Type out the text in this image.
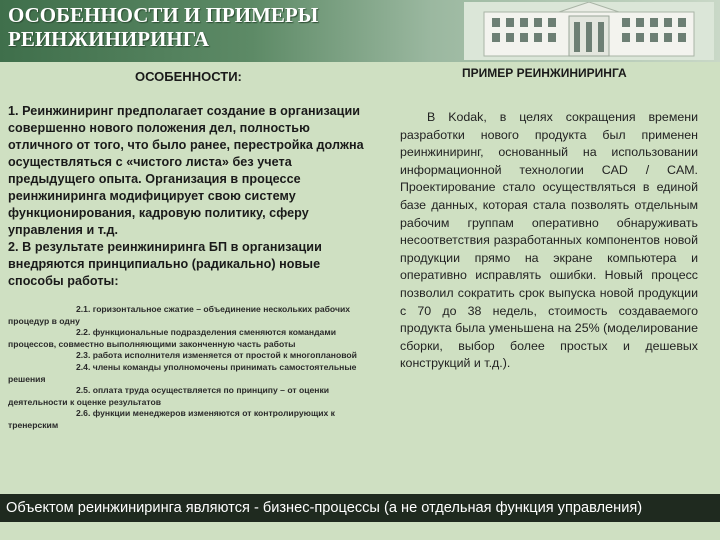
ОСОБЕННОСТИ И ПРИМЕРЫ
РЕИНЖИНИРИНГА
ОСОБЕННОСТИ:	ПРИМЕР РЕИНЖИНИРИНГА

1. Реинжиниринг предполагает создание в организации совершенно нового положения дел, полностью отличного от того, что было ранее, перестройка должна осуществляться с «чистого листа» без учета предыдущего опыта. Организация в процессе реинжиниринга модифицирует свою систему функционирования, кадровую политику, сферу управления и т.д.

2. В результате реинжиниринга БП в организации внедряются принципиально (радикально) новые способы работы:

2.1. горизонтальное сжатие – объединение нескольких рабочих процедур в одну
2.2. функциональные подразделения сменяются командами процессов, совместно выполняющими законченную часть работы
2.3. работа исполнителя изменяется от простой к многоплановой
2.4. члены команды уполномочены принимать самостоятельные решения
2.5. оплата труда осуществляется по принципу – от оценки деятельности к оценке результатов
2.6. функции менеджеров изменяются от контролирующих к тренерским
В Kodak, в целях сокращения времени разработки нового продукта был применен реинжиниринг, основанный на использовании информационной технологии CAD / CAM. Проектирование стало осуществляться в единой базе данных, которая стала позволять отдельным рабочим группам оперативно обнаруживать несоответствия разработанных компонентов новой продукции прямо на экране компьютера и оперативно исправлять ошибки. Новый процесс позволил сократить срок выпуска новой продукции с 70 до 38 недель, стоимость создаваемого продукта была уменьшена на 25% (моделирование сборки, выбор более простых и дешевых конструкций и т.д.).
Объектом реинжиниринга являются - бизнес-процессы (а не отдельная функция управления)
